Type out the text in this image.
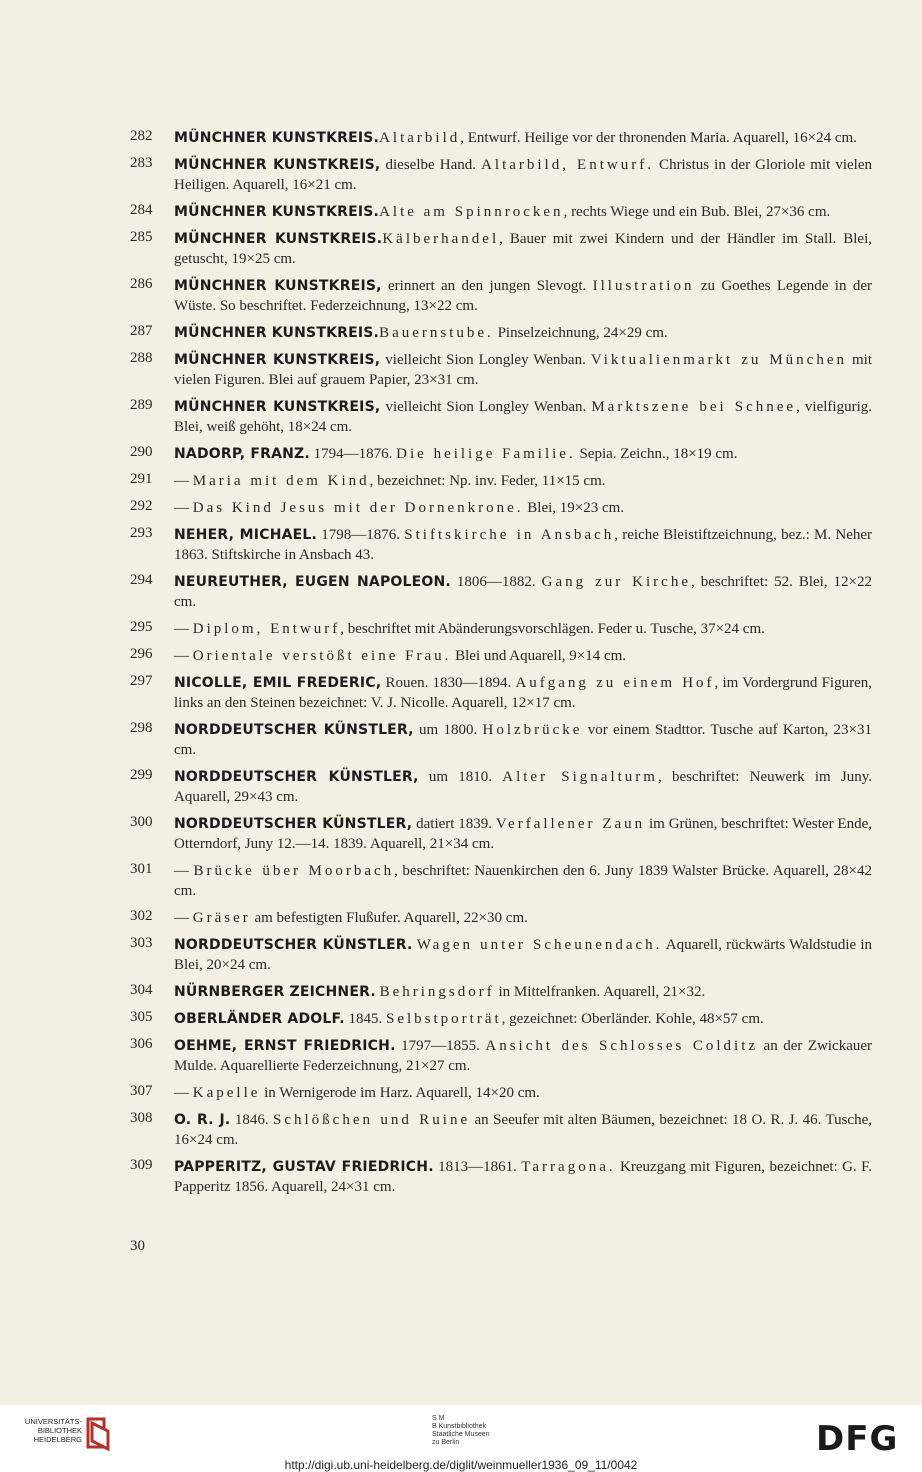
282	MÜNCHNER KUNSTKREIS.Altarbild, Entwurf. Heilige vor der thronenden Maria. Aquarell, 16×24 cm.
283	MÜNCHNER KUNSTKREIS, dieselbe Hand. Altarbild, Entwurf. Christus in der Gloriole mit vielen Heiligen. Aquarell, 16×21 cm.
284	MÜNCHNER KUNSTKREIS.Alte am Spinnrocken, rechts Wiege und ein Bub. Blei, 27×36 cm.
285	MÜNCHNER KUNSTKREIS.Kälberhandel, Bauer mit zwei Kindern und der Händler im Stall. Blei, getuscht, 19×25 cm.
286	MÜNCHNER KUNSTKREIS, erinnert an den jungen Slevogt. Illustration zu Goethes Legende in der Wüste. So beschriftet. Federzeichnung, 13×22 cm.
287	MÜNCHNER KUNSTKREIS.Bauernstube. Pinselzeichnung, 24×29 cm.
288	MÜNCHNER KUNSTKREIS, vielleicht Sion Longley Wenban. Viktualienmarkt zu München mit vielen Figuren. Blei auf grauem Papier, 23×31 cm.
289	MÜNCHNER KUNSTKREIS, vielleicht Sion Longley Wenban. Marktszene bei Schnee, vielfigurig. Blei, weiß gehöht, 18×24 cm.
290	NADORP, FRANZ. 1794—1876. Die heilige Familie. Sepia. Zeichn., 18×19 cm.
291	— Maria mit dem Kind, bezeichnet: Np. inv. Feder, 11×15 cm.
292	— Das Kind Jesus mit der Dornenkrone. Blei, 19×23 cm.
293	NEHER, MICHAEL. 1798—1876. Stiftskirche in Ansbach, reiche Bleistiftzeichnung, bez.: M. Neher 1863. Stiftskirche in Ansbach 43.
294	NEUREUTHER, EUGEN NAPOLEON. 1806—1882. Gang zur Kirche, beschriftet: 52. Blei, 12×22 cm.
295	— Diplom, Entwurf, beschriftet mit Abänderungsvorschlägen. Feder u. Tusche, 37×24 cm.
296	— Orientale verstößt eine Frau. Blei und Aquarell, 9×14 cm.
297	NICOLLE, EMIL FREDERIC, Rouen. 1830—1894. Aufgang zu einem Hof, im Vordergrund Figuren, links an den Steinen bezeichnet: V. J. Nicolle. Aquarell, 12×17 cm.
298	NORDDEUTSCHER KÜNSTLER, um 1800. Holzbrücke vor einem Stadttor. Tusche auf Karton, 23×31 cm.
299	NORDDEUTSCHER KÜNSTLER, um 1810. Alter Signalturm, beschriftet: Neuwerk im Juny. Aquarell, 29×43 cm.
300	NORDDEUTSCHER KÜNSTLER, datiert 1839. Verfallener Zaun im Grünen, beschriftet: Wester Ende, Otterndorf, Juny 12.—14. 1839. Aquarell, 21×34 cm.
301	— Brücke über Moorbach, beschriftet: Nauenkirchen den 6. Juny 1839 Walster Brücke. Aquarell, 28×42 cm.
302	— Gräser am befestigten Flußufer. Aquarell, 22×30 cm.
303	NORDDEUTSCHER KÜNSTLER. Wagen unter Scheunendach. Aquarell, rückwärts Waldstudie in Blei, 20×24 cm.
304	NÜRNBERGER ZEICHNER. Behringsdorf in Mittelfranken. Aquarell, 21×32.
305	OBERLÄNDER ADOLF. 1845. Selbstporträt, gezeichnet: Oberländer. Kohle, 48×57 cm.
306	OEHME, ERNST FRIEDRICH. 1797—1855. Ansicht des Schlosses Colditz an der Zwickauer Mulde. Aquarellierte Federzeichnung, 21×27 cm.
307	— Kapelle in Wernigerode im Harz. Aquarell, 14×20 cm.
308	O. R. J. 1846. Schlößchen und Ruine an Seeufer mit alten Bäumen, bezeichnet: 18 O. R. J. 46. Tusche, 16×24 cm.
309	PAPPERITZ, GUSTAV FRIEDRICH. 1813—1861. Tarragona. Kreuzgang mit Figuren, bezeichnet: G. F. Papperitz 1856. Aquarell, 24×31 cm.
30
UNIVERSITÄTS-
BIBLIOTHEK
HEIDELBERG
S M
B Kunstbibliothek
Staatliche Museen
zu Berlin	DFG
http://digi.ub.uni-heidelberg.de/diglit/weinmueller1936_09_11/0042
